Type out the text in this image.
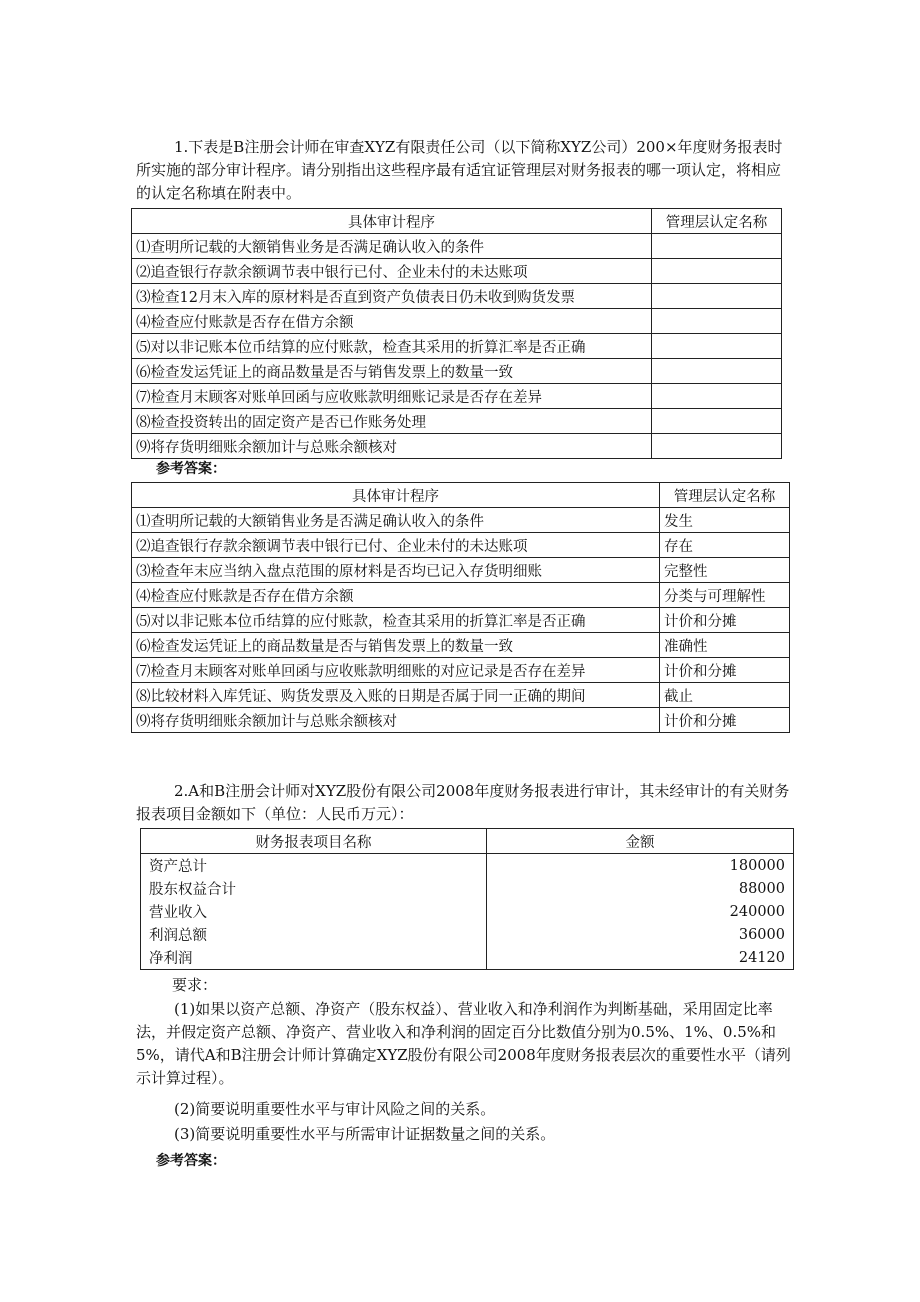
1.下表是B注册会计师在审查XYZ有限责任公司（以下简称XYZ公司）200×年度财务报表时所实施的部分审计程序。请分别指出这些程序最有适宜证管理层对财务报表的哪一项认定，将相应的认定名称填在附表中。

具体审计程序	管理层认定名称
⑴查明所记载的大额销售业务是否满足确认收入的条件	
⑵追查银行存款余额调节表中银行已付、企业未付的未达账项	
⑶检查12月末入库的原材料是否直到资产负债表日仍未收到购货发票	
⑷检查应付账款是否存在借方余额	
⑸对以非记账本位币结算的应付账款，检查其采用的折算汇率是否正确	
⑹检查发运凭证上的商品数量是否与销售发票上的数量一致	
⑺检查月末顾客对账单回函与应收账款明细账记录是否存在差异	
⑻检查投资转出的固定资产是否已作账务处理	
⑼将存货明细账余额加计与总账余额核对	
参考答案：
具体审计程序	管理层认定名称
⑴查明所记载的大额销售业务是否满足确认收入的条件	发生
⑵追查银行存款余额调节表中银行已付、企业未付的未达账项	存在
⑶检查年末应当纳入盘点范围的原材料是否均已记入存货明细账	完整性
⑷检查应付账款是否存在借方余额	分类与可理解性
⑸对以非记账本位币结算的应付账款，检查其采用的折算汇率是否正确	计价和分摊
⑹检查发运凭证上的商品数量是否与销售发票上的数量一致	准确性
⑺检查月末顾客对账单回函与应收账款明细账的对应记录是否存在差异	计价和分摊
⑻比较材料入库凭证、购货发票及入账的日期是否属于同一正确的期间	截止
⑼将存货明细账余额加计与总账余额核对	计价和分摊

2.A和B注册会计师对XYZ股份有限公司2008年度财务报表进行审计，其未经审计的有关财务报表项目金额如下（单位：人民币万元）：

财务报表项目名称	金额
资产总计	180000
股东权益合计	88000
营业收入	240000
利润总额	36000
净利润	24120
要求：

(1)如果以资产总额、净资产（股东权益）、营业收入和净利润作为判断基础，采用固定比率法，并假定资产总额、净资产、营业收入和净利润的固定百分比数值分别为0.5%、1%、0.5%和5%，请代A和B注册会计师计算确定XYZ股份有限公司2008年度财务报表层次的重要性水平（请列示计算过程）。

(2)简要说明重要性水平与审计风险之间的关系。

(3)简要说明重要性水平与所需审计证据数量之间的关系。

参考答案：
